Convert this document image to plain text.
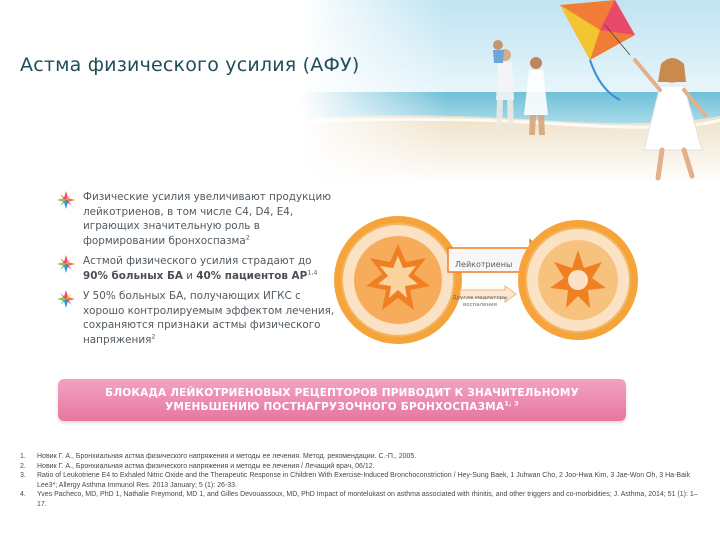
Астма физического усилия (АФУ)

Физические усилия увеличивают продукцию лейкотриенов, в том числе С4, D4, E4, играющих значительную роль в формировании бронхоспазма$^2$

Астмой физического усилия страдают до 90% больных БА и 40% пациентов АР$^{1,4}$

У 50% больных БА, получающих ИГКС с хорошо контролируемым эффектом лечения, сохраняются признаки астмы физического напряжения$^2$

Лейкотриены
Другие медиаторы воспаления
БЛОКАДА ЛЕЙКОТРИЕНОВЫХ РЕЦЕПТОРОВ ПРИВОДИТ К ЗНАЧИТЕЛЬНОМУ
УМЕНЬШЕНИЮ ПОСТНАГРУЗОЧНОГО БРОНХОСПАЗМА$^{1, 3}$
1.	Новик Г. А., Бронхиальная астма физического напряжения и методы ее лечения. Метод. рекомендации. С.-П., 2005.
2.	Новик Г. А., Бронхиальная астма физического напряжения и методы ее лечения / Лечащий врач, 06/12.
3.	Ratio of Leukotriene E4 to Exhaled Nitric Oxide and the Therapeutic Response in Children With Exercise-Induced Bronchoconstriction / Hey-Sung Baek, 1 Juhwan Cho, 2 Joo-Hwa Kim, 3 Jae-Won Oh, 3 Ha-Baik Lee3*; Allergy Asthma Immunol Res. 2013 January; 5 (1): 26-33.
4.	Yves Pacheco, MD, PhD 1, Nathalie Freymond, MD 1, and Gilles Devouassoux, MD, PhD Impact of montelukast on asthma associated with rhinitis, and other triggers and co-morbidities; J. Asthma, 2014; 51 (1): 1–17.
